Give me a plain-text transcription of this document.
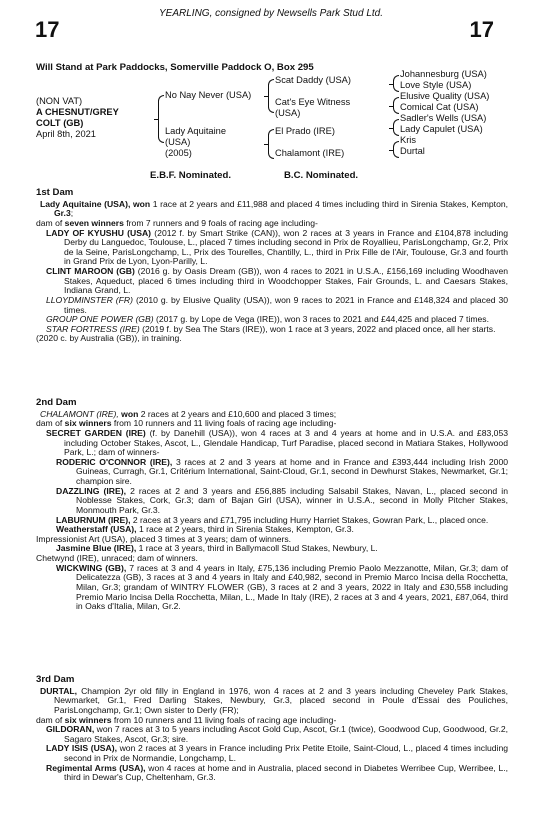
YEARLING, consigned by Newsells Park Stud Ltd.
17	17
Will Stand at Park Paddocks, Somerville Paddock O, Box 295
(NON VAT)
A CHESNUT/GREY
COLT (GB)
April 8th, 2021
No Nay Never (USA)
Lady Aquitaine
(USA)
(2005)
Scat Daddy (USA)
Cat's Eye Witness
(USA)
El Prado (IRE)
Chalamont (IRE)
Johannesburg (USA)
Love Style (USA)
Elusive Quality (USA)
Comical Cat (USA)
Sadler's Wells (USA)
Lady Capulet (USA)
Kris
Durtal
E.B.F. Nominated.	B.C. Nominated.
1st Dam
Lady Aquitaine (USA), won 1 race at 2 years and £11,988 and placed 4 times including third in Sirenia Stakes, Kempton, Gr.3;
dam of seven winners from 7 runners and 9 foals of racing age including-
LADY OF KYUSHU (USA) (2012 f. by Smart Strike (CAN)), won 2 races at 3 years in France and £104,878 including Derby du Languedoc, Toulouse, L., placed 7 times including second in Prix de Royallieu, ParisLongchamp, Gr.2, Prix de la Seine, ParisLongchamp, L., Prix des Tourelles, Chantilly, L., third in Prix Fille de l'Air, Toulouse, Gr.3 and fourth in Grand Prix de Lyon, Lyon-Parilly, L.
CLINT MAROON (GB) (2016 g. by Oasis Dream (GB)), won 4 races to 2021 in U.S.A., £156,169 including Woodhaven Stakes, Aqueduct, placed 6 times including third in Woodchopper Stakes, Fair Grounds, L. and Caesars Stakes, Indiana Grand, L.
LLOYDMINSTER (FR) (2010 g. by Elusive Quality (USA)), won 9 races to 2021 in France and £148,324 and placed 30 times.
GROUP ONE POWER (GB) (2017 g. by Lope de Vega (IRE)), won 3 races to 2021 and £44,425 and placed 7 times.
STAR FORTRESS (IRE) (2019 f. by Sea The Stars (IRE)), won 1 race at 3 years, 2022 and placed once, all her starts.
(2020 c. by Australia (GB)), in training.
2nd Dam
CHALAMONT (IRE), won 2 races at 2 years and £10,600 and placed 3 times;
dam of six winners from 10 runners and 11 living foals of racing age including-
SECRET GARDEN (IRE) (f. by Danehill (USA)), won 4 races at 3 and 4 years at home and in U.S.A. and £83,053 including October Stakes, Ascot, L., Glendale Handicap, Turf Paradise, placed second in Matiara Stakes, Hollywood Park, L.; dam of winners-
RODERIC O'CONNOR (IRE), 3 races at 2 and 3 years at home and in France and £393,444 including Irish 2000 Guineas, Curragh, Gr.1, Critérium International, Saint-Cloud, Gr.1, second in Dewhurst Stakes, Newmarket, Gr.1; champion sire.
DAZZLING (IRE), 2 races at 2 and 3 years and £56,885 including Salsabil Stakes, Navan, L., placed second in Noblesse Stakes, Cork, Gr.3; dam of Bajan Girl (USA), winner in U.S.A., second in Molly Pitcher Stakes, Monmouth Park, Gr.3.
LABURNUM (IRE), 2 races at 3 years and £71,795 including Hurry Harriet Stakes, Gowran Park, L., placed once.
Weatherstaff (USA), 1 race at 2 years, third in Sirenia Stakes, Kempton, Gr.3.
Impressionist Art (USA), placed 3 times at 3 years; dam of winners.
Jasmine Blue (IRE), 1 race at 3 years, third in Ballymacoll Stud Stakes, Newbury, L.
Chetwynd (IRE), unraced; dam of winners.
WICKWING (GB), 7 races at 3 and 4 years in Italy, £75,136 including Premio Paolo Mezzanotte, Milan, Gr.3; dam of Delicatezza (GB), 3 races at 3 and 4 years in Italy and £40,982, second in Premio Marco Incisa della Rocchetta, Milan, Gr.3; grandam of WINTRY FLOWER (GB), 3 races at 2 and 3 years, 2022 in Italy and £30,558 including Premio Mario Incisa Della Rocchetta, Milan, L., Made In Italy (IRE), 2 races at 3 and 4 years, 2021, £87,064, third in Oaks d'Italia, Milan, Gr.2.
3rd Dam
DURTAL, Champion 2yr old filly in England in 1976, won 4 races at 2 and 3 years including Cheveley Park Stakes, Newmarket, Gr.1, Fred Darling Stakes, Newbury, Gr.3, placed second in Poule d'Essai des Pouliches, ParisLongchamp, Gr.1; Own sister to Derly (FR);
dam of six winners from 10 runners and 11 living foals of racing age including-
GILDORAN, won 7 races at 3 to 5 years including Ascot Gold Cup, Ascot, Gr.1 (twice), Goodwood Cup, Goodwood, Gr.2, Sagaro Stakes, Ascot, Gr.3; sire.
LADY ISIS (USA), won 2 races at 3 years in France including Prix Petite Etoile, Saint-Cloud, L., placed 4 times including second in Prix de Normandie, Longchamp, L.
Regimental Arms (USA), won 4 races at home and in Australia, placed second in Diabetes Werribee Cup, Werribee, L., third in Dewar's Cup, Cheltenham, Gr.3.
